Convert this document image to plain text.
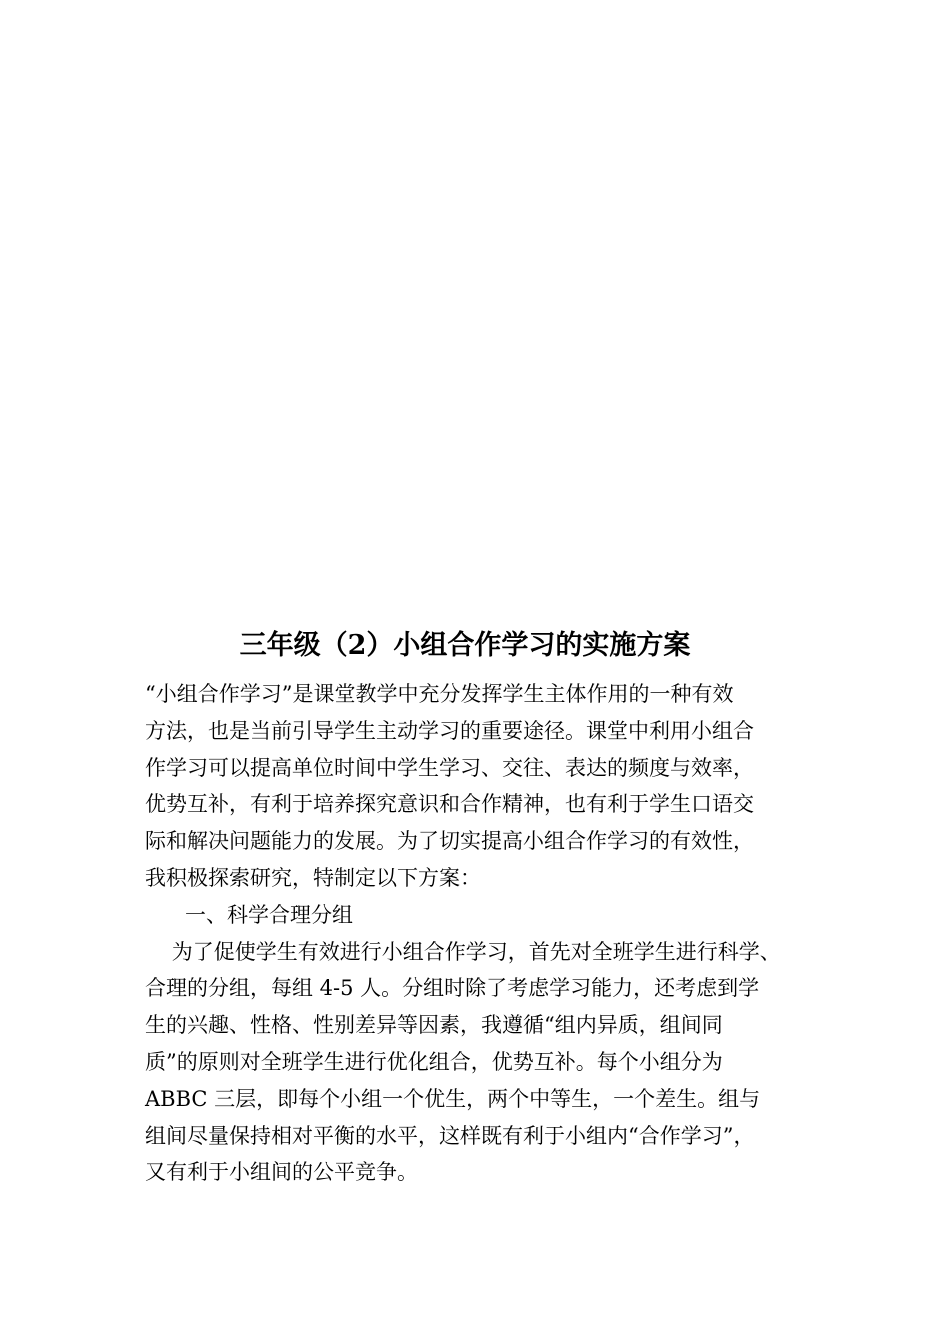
三年级（2）小组合作学习的实施方案
“小组合作学习”是课堂教学中充分发挥学生主体作用的一种有效
方法，也是当前引导学生主动学习的重要途径。课堂中利用小组合
作学习可以提高单位时间中学生学习、交往、表达的频度与效率，
优势互补，有利于培养探究意识和合作精神，也有利于学生口语交
际和解决问题能力的发展。为了切实提高小组合作学习的有效性，
我积极探索研究，特制定以下方案：
一、科学合理分组
为了促使学生有效进行小组合作学习，首先对全班学生进行科学、
合理的分组，每组 4-5 人。分组时除了考虑学习能力，还考虑到学
生的兴趣、性格、性别差异等因素，我遵循“组内异质，组间同
质”的原则对全班学生进行优化组合，优势互补。每个小组分为
ABBC 三层，即每个小组一个优生，两个中等生，一个差生。组与
组间尽量保持相对平衡的水平，这样既有利于小组内“合作学习”，
又有利于小组间的公平竞争。
